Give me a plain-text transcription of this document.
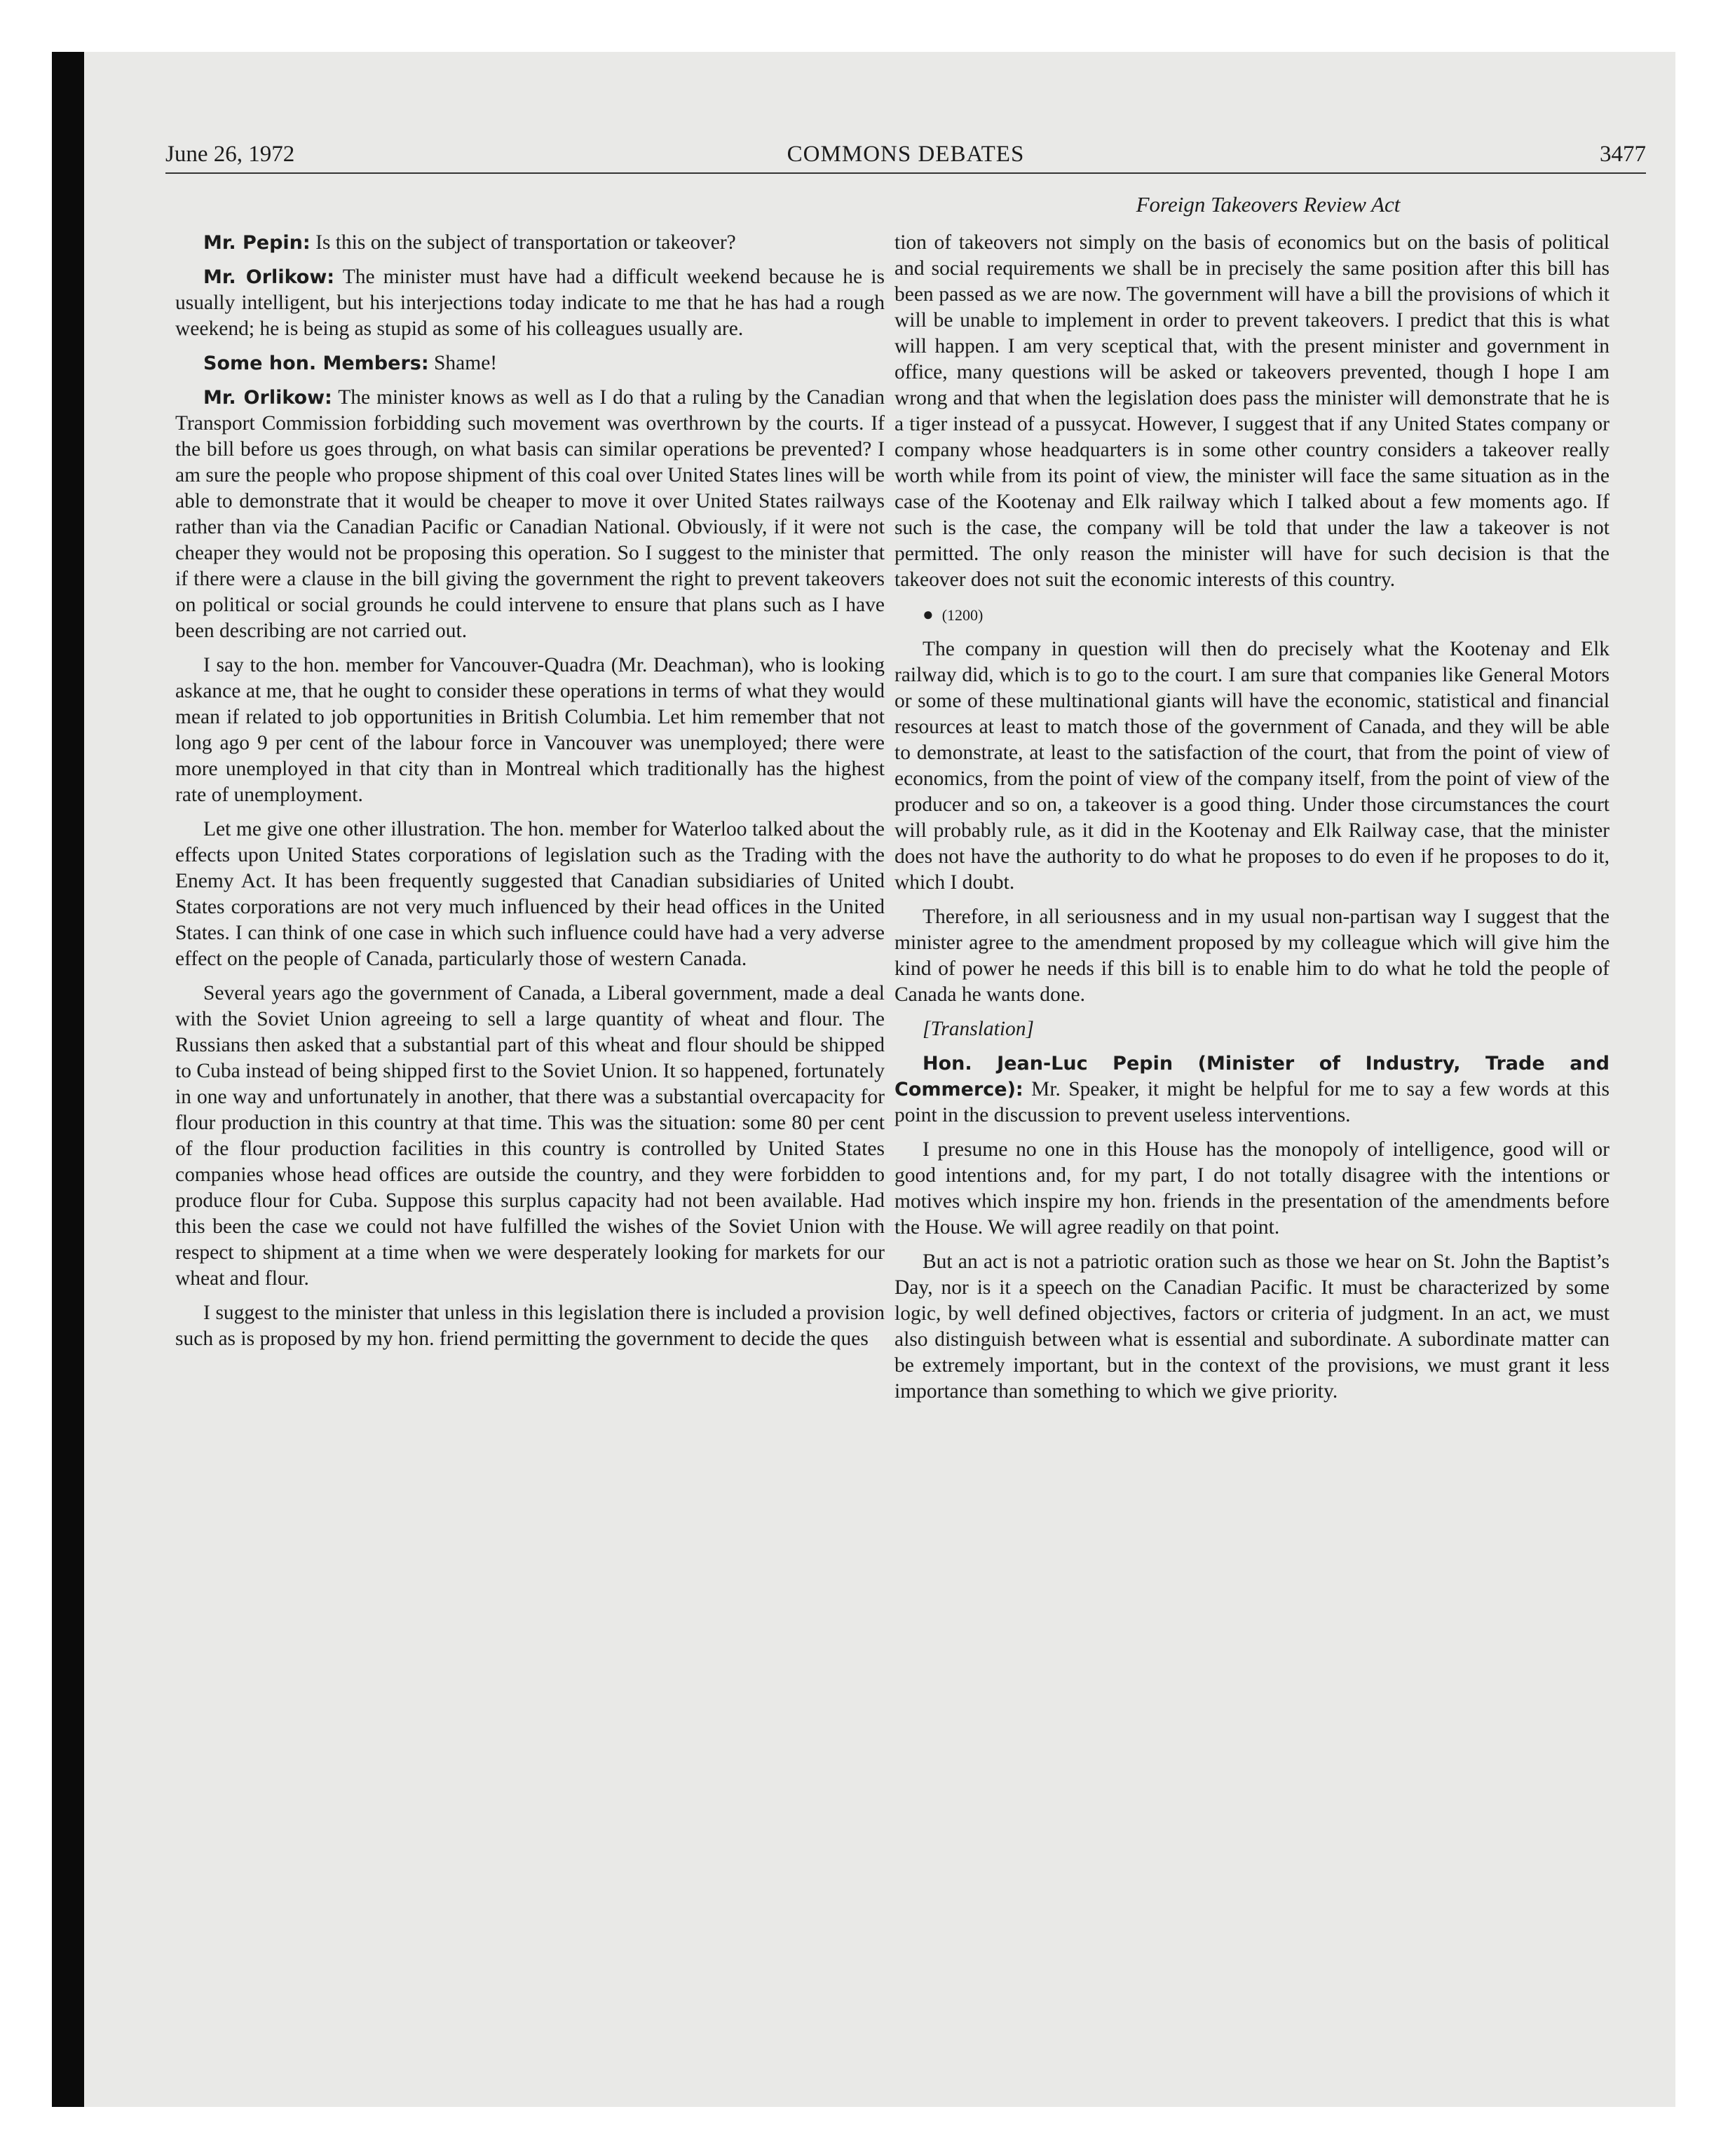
June 26, 1972	COMMONS DEBATES	3477
Foreign Takeovers Review Act

Mr. Pepin: Is this on the subject of transportation or takeover?

Mr. Orlikow: The minister must have had a difficult weekend because he is usually intelligent, but his interjections today indicate to me that he has had a rough weekend; he is being as stupid as some of his colleagues usually are.

Some hon. Members: Shame!

Mr. Orlikow: The minister knows as well as I do that a ruling by the Canadian Transport Commission forbidding such movement was overthrown by the courts. If the bill before us goes through, on what basis can similar operations be prevented? I am sure the people who propose shipment of this coal over United States lines will be able to demonstrate that it would be cheaper to move it over United States railways rather than via the Canadian Pacific or Canadian National. Obviously, if it were not cheaper they would not be proposing this operation. So I suggest to the minister that if there were a clause in the bill giving the government the right to prevent takeovers on political or social grounds he could intervene to ensure that plans such as I have been describing are not carried out.

I say to the hon. member for Vancouver-Quadra (Mr. Deachman), who is looking askance at me, that he ought to consider these operations in terms of what they would mean if related to job opportunities in British Columbia. Let him remember that not long ago 9 per cent of the labour force in Vancouver was unemployed; there were more unemployed in that city than in Montreal which traditionally has the highest rate of unemployment.

Let me give one other illustration. The hon. member for Waterloo talked about the effects upon United States corporations of legislation such as the Trading with the Enemy Act. It has been frequently suggested that Canadian subsidiaries of United States corporations are not very much influenced by their head offices in the United States. I can think of one case in which such influence could have had a very adverse effect on the people of Canada, particularly those of western Canada.

Several years ago the government of Canada, a Liberal government, made a deal with the Soviet Union agreeing to sell a large quantity of wheat and flour. The Russians then asked that a substantial part of this wheat and flour should be shipped to Cuba instead of being shipped first to the Soviet Union. It so happened, fortunately in one way and unfortunately in another, that there was a substantial overcapacity for flour production in this country at that time. This was the situation: some 80 per cent of the flour production facilities in this country is controlled by United States companies whose head offices are outside the country, and they were forbidden to produce flour for Cuba. Suppose this surplus capacity had not been available. Had this been the case we could not have fulfilled the wishes of the Soviet Union with respect to shipment at a time when we were desperately looking for markets for our wheat and flour.

I suggest to the minister that unless in this legislation there is included a provision such as is proposed by my hon. friend permitting the government to decide the ques

tion of takeovers not simply on the basis of economics but on the basis of political and social requirements we shall be in precisely the same position after this bill has been passed as we are now. The government will have a bill the provisions of which it will be unable to implement in order to prevent takeovers. I predict that this is what will happen. I am very sceptical that, with the present minister and government in office, many questions will be asked or takeovers prevented, though I hope I am wrong and that when the legislation does pass the minister will demonstrate that he is a tiger instead of a pussycat. However, I suggest that if any United States company or company whose headquarters is in some other country considers a takeover really worth while from its point of view, the minister will face the same situation as in the case of the Kootenay and Elk railway which I talked about a few moments ago. If such is the case, the company will be told that under the law a takeover is not permitted. The only reason the minister will have for such decision is that the takeover does not suit the economic interests of this country.

● (1200)

The company in question will then do precisely what the Kootenay and Elk railway did, which is to go to the court. I am sure that companies like General Motors or some of these multinational giants will have the economic, statistical and financial resources at least to match those of the government of Canada, and they will be able to demonstrate, at least to the satisfaction of the court, that from the point of view of economics, from the point of view of the company itself, from the point of view of the producer and so on, a takeover is a good thing. Under those circumstances the court will probably rule, as it did in the Kootenay and Elk Railway case, that the minister does not have the authority to do what he proposes to do even if he proposes to do it, which I doubt.

Therefore, in all seriousness and in my usual non-partisan way I suggest that the minister agree to the amendment proposed by my colleague which will give him the kind of power he needs if this bill is to enable him to do what he told the people of Canada he wants done.

[Translation]

Hon. Jean-Luc Pepin (Minister of Industry, Trade and Commerce): Mr. Speaker, it might be helpful for me to say a few words at this point in the discussion to prevent useless interventions.

I presume no one in this House has the monopoly of intelligence, good will or good intentions and, for my part, I do not totally disagree with the intentions or motives which inspire my hon. friends in the presentation of the amendments before the House. We will agree readily on that point.

But an act is not a patriotic oration such as those we hear on St. John the Baptist’s Day, nor is it a speech on the Canadian Pacific. It must be characterized by some logic, by well defined objectives, factors or criteria of judgment. In an act, we must also distinguish between what is essential and subordinate. A subordinate matter can be extremely important, but in the context of the provisions, we must grant it less importance than something to which we give priority.
